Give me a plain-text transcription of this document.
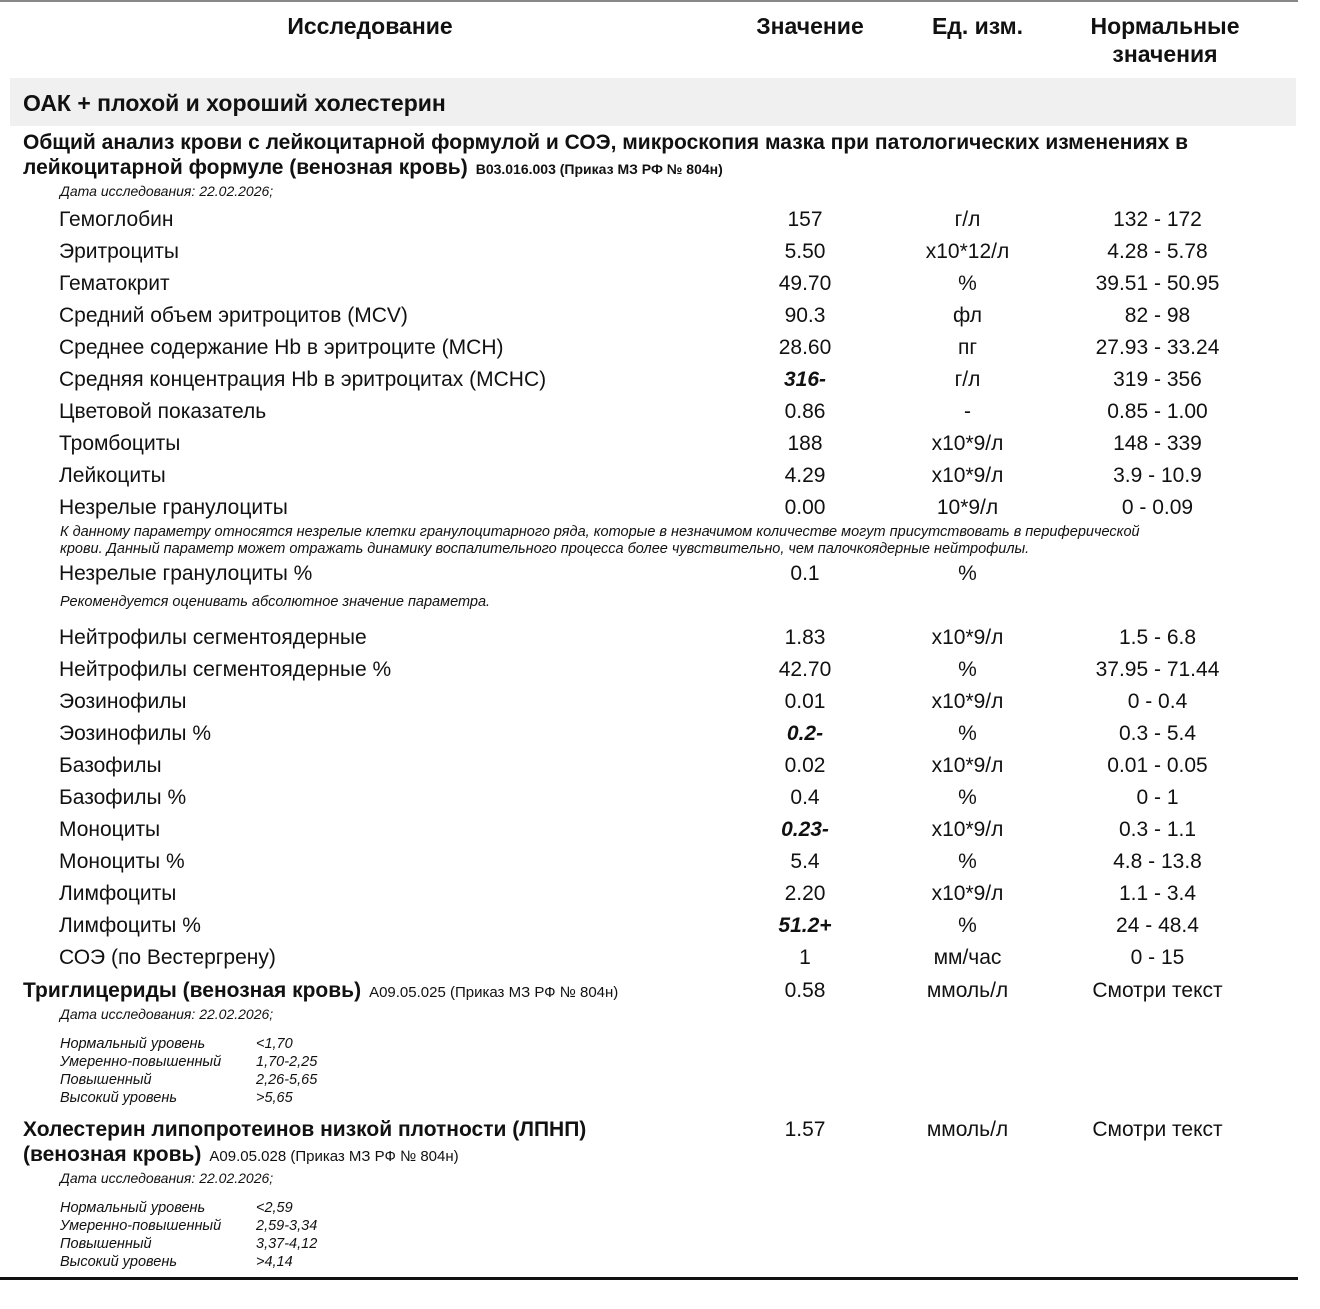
Исследование	Значение	Ед. изм.	Нормальные
значения
ОАК + плохой и хороший холестерин
Общий анализ крови с лейкоцитарной формулой и СОЭ, микроскопия мазка при патологических изменениях в
лейкоцитарной формуле (венозная кровь) B03.016.003 (Приказ МЗ РФ № 804н)
Дата исследования: 22.02.2026;
Гемоглобин	157	г/л	132 - 172
Эритроциты	5.50	x10*12/л	4.28 - 5.78
Гематокрит	49.70	%	39.51 - 50.95
Средний объем эритроцитов (MCV)	90.3	фл	82 - 98
Среднее содержание Hb в эритроците (MCH)	28.60	пг	27.93 - 33.24
Средняя концентрация Hb в эритроцитах (MCHC)	316-	г/л	319 - 356
Цветовой показатель	0.86	-	0.85 - 1.00
Тромбоциты	188	x10*9/л	148 - 339
Лейкоциты	4.29	x10*9/л	3.9 - 10.9
Незрелые гранулоциты	0.00	10*9/л	0 - 0.09
К данному параметру относятся незрелые клетки гранулоцитарного ряда, которые в незначимом количестве могут присутствовать в периферической
крови. Данный параметр может отражать динамику воспалительного процесса более чувствительно, чем палочкоядерные нейтрофилы.
Незрелые гранулоциты %	0.1	%
Рекомендуется оценивать абсолютное значение параметра.
Нейтрофилы сегментоядерные	1.83	x10*9/л	1.5 - 6.8
Нейтрофилы сегментоядерные %	42.70	%	37.95 - 71.44
Эозинофилы	0.01	x10*9/л	0 - 0.4
Эозинофилы %	0.2-	%	0.3 - 5.4
Базофилы	0.02	x10*9/л	0.01 - 0.05
Базофилы %	0.4	%	0 - 1
Моноциты	0.23-	x10*9/л	0.3 - 1.1
Моноциты %	5.4	%	4.8 - 13.8
Лимфоциты	2.20	x10*9/л	1.1 - 3.4
Лимфоциты %	51.2+	%	24 - 48.4
СОЭ (по Вестергрену)	1	мм/час	0 - 15
Триглицериды (венозная кровь) A09.05.025 (Приказ МЗ РФ № 804н)	0.58	ммоль/л	Смотри текст
Дата исследования: 22.02.2026;
Нормальный уровень	<1,70
Умеренно-повышенный	1,70-2,25
Повышенный	2,26-5,65
Высокий уровень	>5,65
Холестерин липопротеинов низкой плотности (ЛПНП)
(венозная кровь) A09.05.028 (Приказ МЗ РФ № 804н)
1.57	ммоль/л	Смотри текст
Дата исследования: 22.02.2026;
Нормальный уровень	<2,59
Умеренно-повышенный	2,59-3,34
Повышенный	3,37-4,12
Высокий уровень	>4,14
